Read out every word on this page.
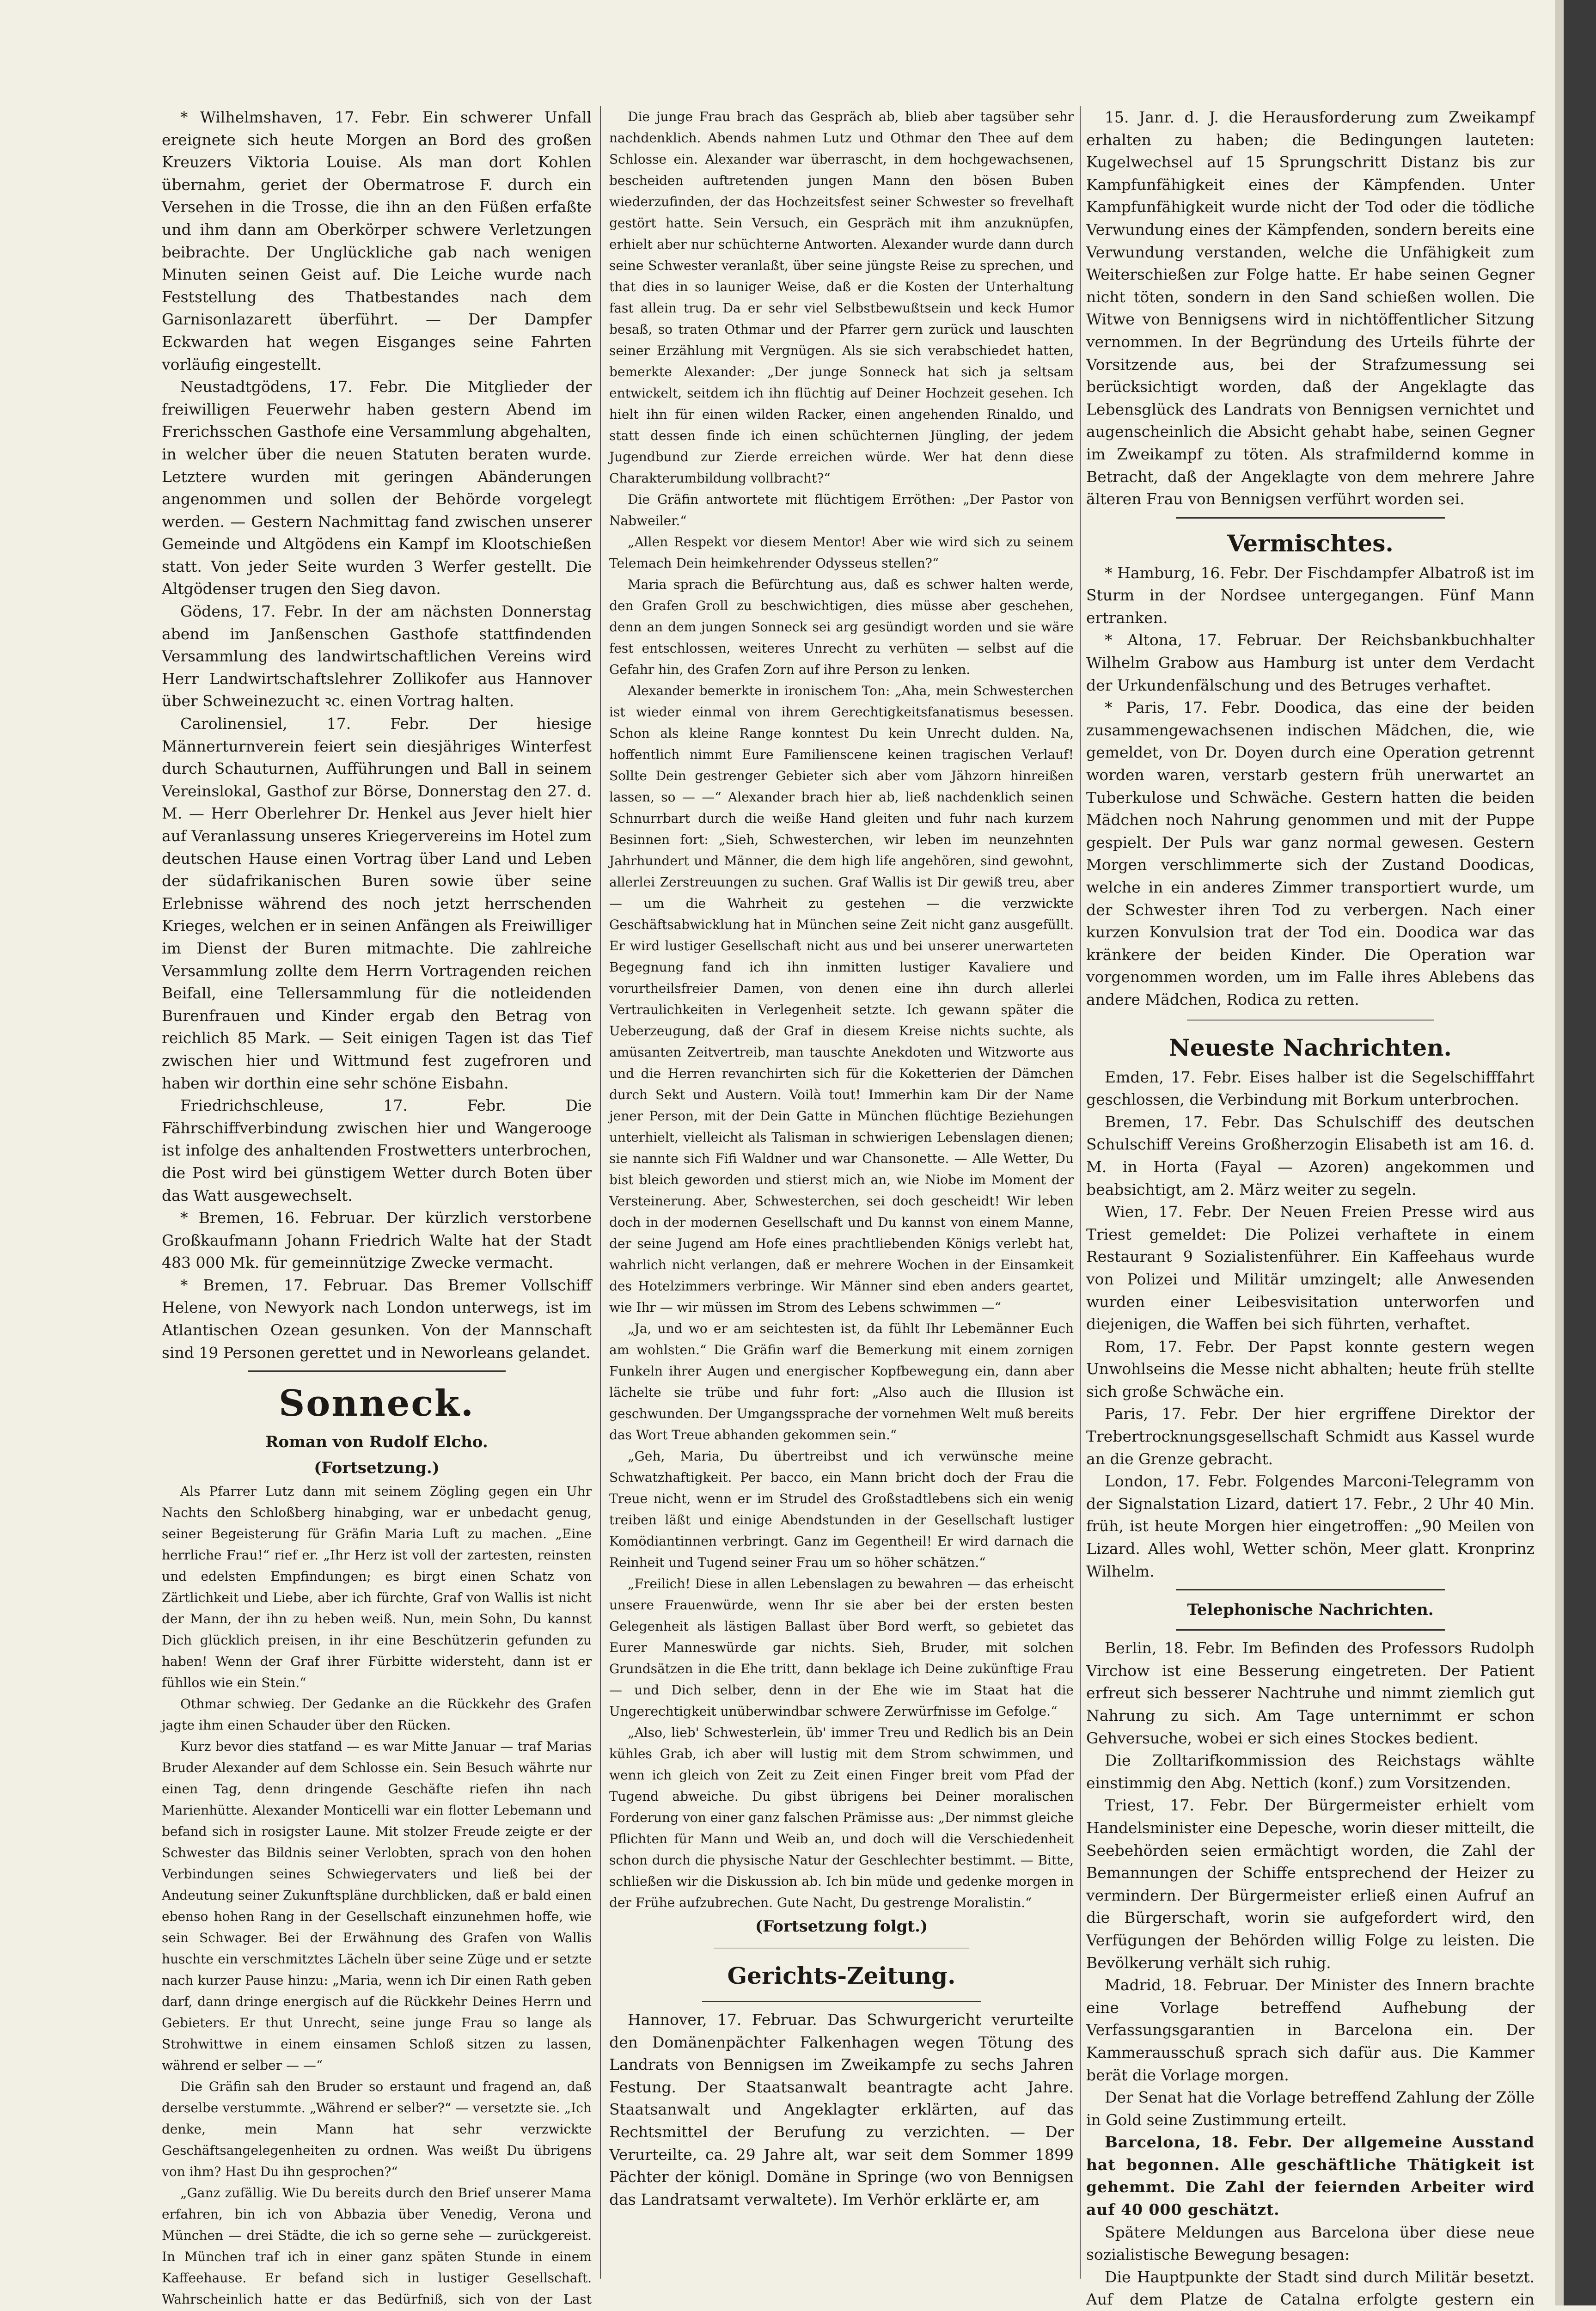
* Wilhelmshaven, 17. Febr. Ein schwerer Unfall ereignete sich heute Morgen an Bord des großen Kreuzers Viktoria Louise. Als man dort Kohlen übernahm, geriet der Obermatrose F. durch ein Versehen in die Trosse, die ihn an den Füßen erfaßte und ihm dann am Oberkörper schwere Verletzungen beibrachte. Der Unglückliche gab nach wenigen Minuten seinen Geist auf. Die Leiche wurde nach Feststellung des Thatbestandes nach dem Garnisonlazarett überführt. — Der Dampfer Eckwarden hat wegen Eisganges seine Fahrten vorläufig eingestellt.

Neustadtgödens, 17. Febr. Die Mitglieder der freiwilligen Feuerwehr haben gestern Abend im Frerichsschen Gasthofe eine Versammlung abgehalten, in welcher über die neuen Statuten beraten wurde. Letztere wurden mit geringen Abänderungen angenommen und sollen der Behörde vorgelegt werden. — Gestern Nachmittag fand zwischen unserer Gemeinde und Altgödens ein Kampf im Klootschießen statt. Von jeder Seite wurden 3 Werfer gestellt. Die Altgödenser trugen den Sieg davon.

Gödens, 17. Febr. In der am nächsten Donnerstag abend im Janßenschen Gasthofe stattfindenden Versammlung des landwirtschaftlichen Vereins wird Herr Landwirtschaftslehrer Zollikofer aus Hannover über Schweinezucht ꝛc. einen Vortrag halten.

Carolinensiel, 17. Febr. Der hiesige Männerturnverein feiert sein diesjähriges Winterfest durch Schauturnen, Aufführungen und Ball in seinem Vereinslokal, Gasthof zur Börse, Donnerstag den 27. d. M. — Herr Oberlehrer Dr. Henkel aus Jever hielt hier auf Veranlassung unseres Kriegervereins im Hotel zum deutschen Hause einen Vortrag über Land und Leben der südafrikanischen Buren sowie über seine Erlebnisse während des noch jetzt herrschenden Krieges, welchen er in seinen Anfängen als Freiwilliger im Dienst der Buren mitmachte. Die zahlreiche Versammlung zollte dem Herrn Vortragenden reichen Beifall, eine Tellersammlung für die notleidenden Burenfrauen und Kinder ergab den Betrag von reichlich 85 Mark. — Seit einigen Tagen ist das Tief zwischen hier und Wittmund fest zugefroren und haben wir dorthin eine sehr schöne Eisbahn.

Friedrichschleuse, 17. Febr. Die Fährschiffverbindung zwischen hier und Wangerooge ist infolge des anhaltenden Frostwetters unterbrochen, die Post wird bei günstigem Wetter durch Boten über das Watt ausgewechselt.

* Bremen, 16. Februar. Der kürzlich verstorbene Großkaufmann Johann Friedrich Walte hat der Stadt 483 000 Mk. für gemeinnützige Zwecke vermacht.

* Bremen, 17. Februar. Das Bremer Vollschiff Helene, von Newyork nach London unterwegs, ist im Atlantischen Ozean gesunken. Von der Mannschaft sind 19 Personen gerettet und in Neworleans gelandet.

Sonneck.
Roman von Rudolf Elcho.
(Fortsetzung.)

Als Pfarrer Lutz dann mit seinem Zögling gegen ein Uhr Nachts den Schloßberg hinabging, war er unbedacht genug, seiner Begeisterung für Gräfin Maria Luft zu machen. „Eine herrliche Frau!“ rief er. „Ihr Herz ist voll der zartesten, reinsten und edelsten Empfindungen; es birgt einen Schatz von Zärtlichkeit und Liebe, aber ich fürchte, Graf von Wallis ist nicht der Mann, der ihn zu heben weiß. Nun, mein Sohn, Du kannst Dich glücklich preisen, in ihr eine Beschützerin gefunden zu haben! Wenn der Graf ihrer Fürbitte widersteht, dann ist er fühllos wie ein Stein.“

Othmar schwieg. Der Gedanke an die Rückkehr des Grafen jagte ihm einen Schauder über den Rücken.

Kurz bevor dies statfand — es war Mitte Januar — traf Marias Bruder Alexander auf dem Schlosse ein. Sein Besuch währte nur einen Tag, denn dringende Geschäfte riefen ihn nach Marienhütte. Alexander Monticelli war ein flotter Lebemann und befand sich in rosigster Laune. Mit stolzer Freude zeigte er der Schwester das Bildnis seiner Verlobten, sprach von den hohen Verbindungen seines Schwiegervaters und ließ bei der Andeutung seiner Zukunftspläne durchblicken, daß er bald einen ebenso hohen Rang in der Gesellschaft einzunehmen hoffe, wie sein Schwager. Bei der Erwähnung des Grafen von Wallis huschte ein verschmitztes Lächeln über seine Züge und er setzte nach kurzer Pause hinzu: „Maria, wenn ich Dir einen Rath geben darf, dann dringe energisch auf die Rückkehr Deines Herrn und Gebieters. Er thut Unrecht, seine junge Frau so lange als Strohwittwe in einem einsamen Schloß sitzen zu lassen, während er selber — —“

Die Gräfin sah den Bruder so erstaunt und fragend an, daß derselbe verstummte. „Während er selber?“ — versetzte sie. „Ich denke, mein Mann hat sehr verzwickte Geschäftsangelegenheiten zu ordnen. Was weißt Du übrigens von ihm? Hast Du ihn gesprochen?“

„Ganz zufällig. Wie Du bereits durch den Brief unserer Mama erfahren, bin ich von Abbazia über Venedig, Verona und München — drei Städte, die ich so gerne sehe — zurückgereist. In München traf ich in einer ganz späten Stunde in einem Kaffeehause. Er befand sich in lustiger Gesellschaft. Wahrscheinlich hatte er das Bedürfniß, sich von der Last

Die junge Frau brach das Gespräch ab, blieb aber tagsüber sehr nachdenklich. Abends nahmen Lutz und Othmar den Thee auf dem Schlosse ein. Alexander war überrascht, in dem hochgewachsenen, bescheiden auftretenden jungen Mann den bösen Buben wiederzufinden, der das Hochzeitsfest seiner Schwester so frevelhaft gestört hatte. Sein Versuch, ein Gespräch mit ihm anzuknüpfen, erhielt aber nur schüchterne Antworten. Alexander wurde dann durch seine Schwester veranlaßt, über seine jüngste Reise zu sprechen, und that dies in so launiger Weise, daß er die Kosten der Unterhaltung fast allein trug. Da er sehr viel Selbstbewußtsein und keck Humor besaß, so traten Othmar und der Pfarrer gern zurück und lauschten seiner Erzählung mit Vergnügen. Als sie sich verabschiedet hatten, bemerkte Alexander: „Der junge Sonneck hat sich ja seltsam entwickelt, seitdem ich ihn flüchtig auf Deiner Hochzeit gesehen. Ich hielt ihn für einen wilden Racker, einen angehenden Rinaldo, und statt dessen finde ich einen schüchternen Jüngling, der jedem Jugendbund zur Zierde erreichen würde. Wer hat denn diese Charakterumbildung vollbracht?“

Die Gräfin antwortete mit flüchtigem Erröthen: „Der Pastor von Nabweiler.“

„Allen Respekt vor diesem Mentor! Aber wie wird sich zu seinem Telemach Dein heimkehrender Odysseus stellen?“

Maria sprach die Befürchtung aus, daß es schwer halten werde, den Grafen Groll zu beschwichtigen, dies müsse aber geschehen, denn an dem jungen Sonneck sei arg gesündigt worden und sie wäre fest entschlossen, weiteres Unrecht zu verhüten — selbst auf die Gefahr hin, des Grafen Zorn auf ihre Person zu lenken.

Alexander bemerkte in ironischem Ton: „Aha, mein Schwesterchen ist wieder einmal von ihrem Gerechtigkeitsfanatismus besessen. Schon als kleine Range konntest Du kein Unrecht dulden. Na, hoffentlich nimmt Eure Familienscene keinen tragischen Verlauf! Sollte Dein gestrenger Gebieter sich aber vom Jähzorn hinreißen lassen, so — —“ Alexander brach hier ab, ließ nachdenklich seinen Schnurrbart durch die weiße Hand gleiten und fuhr nach kurzem Besinnen fort: „Sieh, Schwesterchen, wir leben im neunzehnten Jahrhundert und Männer, die dem high life angehören, sind gewohnt, allerlei Zerstreuungen zu suchen. Graf Wallis ist Dir gewiß treu, aber — um die Wahrheit zu gestehen — die verzwickte Geschäftsabwicklung hat in München seine Zeit nicht ganz ausgefüllt. Er wird lustiger Gesellschaft nicht aus und bei unserer unerwarteten Begegnung fand ich ihn inmitten lustiger Kavaliere und vorurtheilsfreier Damen, von denen eine ihn durch allerlei Vertraulichkeiten in Verlegenheit setzte. Ich gewann später die Ueberzeugung, daß der Graf in diesem Kreise nichts suchte, als amüsanten Zeitvertreib, man tauschte Anekdoten und Witzworte aus und die Herren revanchirten sich für die Koketterien der Dämchen durch Sekt und Austern. Voilà tout! Immerhin kam Dir der Name jener Person, mit der Dein Gatte in München flüchtige Beziehungen unterhielt, vielleicht als Talisman in schwierigen Lebenslagen dienen; sie nannte sich Fifi Waldner und war Chansonette. — Alle Wetter, Du bist bleich geworden und stierst mich an, wie Niobe im Moment der Versteinerung. Aber, Schwesterchen, sei doch gescheidt! Wir leben doch in der modernen Gesellschaft und Du kannst von einem Manne, der seine Jugend am Hofe eines prachtliebenden Königs verlebt hat, wahrlich nicht verlangen, daß er mehrere Wochen in der Einsamkeit des Hotelzimmers verbringe. Wir Männer sind eben anders geartet, wie Ihr — wir müssen im Strom des Lebens schwimmen —“

„Ja, und wo er am seichtesten ist, da fühlt Ihr Lebemänner Euch am wohlsten.“ Die Gräfin warf die Bemerkung mit einem zornigen Funkeln ihrer Augen und energischer Kopfbewegung ein, dann aber lächelte sie trübe und fuhr fort: „Also auch die Illusion ist geschwunden. Der Umgangssprache der vornehmen Welt muß bereits das Wort Treue abhanden gekommen sein.“

„Geh, Maria, Du übertreibst und ich verwünsche meine Schwatzhaftigkeit. Per bacco, ein Mann bricht doch der Frau die Treue nicht, wenn er im Strudel des Großstadtlebens sich ein wenig treiben läßt und einige Abendstunden in der Gesellschaft lustiger Komödiantinnen verbringt. Ganz im Gegentheil! Er wird darnach die Reinheit und Tugend seiner Frau um so höher schätzen.“

„Freilich! Diese in allen Lebenslagen zu bewahren — das erheischt unsere Frauenwürde, wenn Ihr sie aber bei der ersten besten Gelegenheit als lästigen Ballast über Bord werft, so gebietet das Eurer Manneswürde gar nichts. Sieh, Bruder, mit solchen Grundsätzen in die Ehe tritt, dann beklage ich Deine zukünftige Frau — und Dich selber, denn in der Ehe wie im Staat hat die Ungerechtigkeit unüberwindbar schwere Zerwürfnisse im Gefolge.“

„Also, lieb' Schwesterlein, üb' immer Treu und Redlich bis an Dein kühles Grab, ich aber will lustig mit dem Strom schwimmen, und wenn ich gleich von Zeit zu Zeit einen Finger breit vom Pfad der Tugend abweiche. Du gibst übrigens bei Deiner moralischen Forderung von einer ganz falschen Prämisse aus: „Der nimmst gleiche Pflichten für Mann und Weib an, und doch will die Verschiedenheit schon durch die physische Natur der Geschlechter bestimmt. — Bitte, schließen wir die Diskussion ab. Ich bin müde und gedenke morgen in der Frühe aufzubrechen. Gute Nacht, Du gestrenge Moralistin.“

(Fortsetzung folgt.)
Gerichts-Zeitung.

Hannover, 17. Februar. Das Schwurgericht verurteilte den Domänenpächter Falkenhagen wegen Tötung des Landrats von Bennigsen im Zweikampfe zu sechs Jahren Festung. Der Staatsanwalt beantragte acht Jahre. Staatsanwalt und Angeklagter erklärten, auf das Rechtsmittel der Berufung zu verzichten. — Der Verurteilte, ca. 29 Jahre alt, war seit dem Sommer 1899 Pächter der königl. Domäne in Springe (wo von Bennigsen das Landratsamt verwaltete). Im Verhör erklärte er, am

15. Janr. d. J. die Herausforderung zum Zweikampf erhalten zu haben; die Bedingungen lauteten: Kugelwechsel auf 15 Sprungschritt Distanz bis zur Kampfunfähigkeit eines der Kämpfenden. Unter Kampfunfähigkeit wurde nicht der Tod oder die tödliche Verwundung eines der Kämpfenden, sondern bereits eine Verwundung verstanden, welche die Unfähigkeit zum Weiterschießen zur Folge hatte. Er habe seinen Gegner nicht töten, sondern in den Sand schießen wollen. Die Witwe von Bennigsens wird in nichtöffentlicher Sitzung vernommen. In der Begründung des Urteils führte der Vorsitzende aus, bei der Strafzumessung sei berücksichtigt worden, daß der Angeklagte das Lebensglück des Landrats von Bennigsen vernichtet und augenscheinlich die Absicht gehabt habe, seinen Gegner im Zweikampf zu töten. Als strafmildernd komme in Betracht, daß der Angeklagte von dem mehrere Jahre älteren Frau von Bennigsen verführt worden sei.

Vermischtes.

* Hamburg, 16. Febr. Der Fischdampfer Albatroß ist im Sturm in der Nordsee untergegangen. Fünf Mann ertranken.

* Altona, 17. Februar. Der Reichsbankbuchhalter Wilhelm Grabow aus Hamburg ist unter dem Verdacht der Urkundenfälschung und des Betruges verhaftet.

* Paris, 17. Febr. Doodica, das eine der beiden zusammengewachsenen indischen Mädchen, die, wie gemeldet, von Dr. Doyen durch eine Operation getrennt worden waren, verstarb gestern früh unerwartet an Tuberkulose und Schwäche. Gestern hatten die beiden Mädchen noch Nahrung genommen und mit der Puppe gespielt. Der Puls war ganz normal gewesen. Gestern Morgen verschlimmerte sich der Zustand Doodicas, welche in ein anderes Zimmer transportiert wurde, um der Schwester ihren Tod zu verbergen. Nach einer kurzen Konvulsion trat der Tod ein. Doodica war das kränkere der beiden Kinder. Die Operation war vorgenommen worden, um im Falle ihres Ablebens das andere Mädchen, Rodica zu retten.

Neueste Nachrichten.

Emden, 17. Febr. Eises halber ist die Segelschifffahrt geschlossen, die Verbindung mit Borkum unterbrochen.

Bremen, 17. Febr. Das Schulschiff des deutschen Schulschiff Vereins Großherzogin Elisabeth ist am 16. d. M. in Horta (Fayal — Azoren) angekommen und beabsichtigt, am 2. März weiter zu segeln.

Wien, 17. Febr. Der Neuen Freien Presse wird aus Triest gemeldet: Die Polizei verhaftete in einem Restaurant 9 Sozialistenführer. Ein Kaffeehaus wurde von Polizei und Militär umzingelt; alle Anwesenden wurden einer Leibesvisitation unterworfen und diejenigen, die Waffen bei sich führten, verhaftet.

Rom, 17. Febr. Der Papst konnte gestern wegen Unwohlseins die Messe nicht abhalten; heute früh stellte sich große Schwäche ein.

Paris, 17. Febr. Der hier ergriffene Direktor der Trebertrocknungsgesellschaft Schmidt aus Kassel wurde an die Grenze gebracht.

London, 17. Febr. Folgendes Marconi-Telegramm von der Signalstation Lizard, datiert 17. Febr., 2 Uhr 40 Min. früh, ist heute Morgen hier eingetroffen: „90 Meilen von Lizard. Alles wohl, Wetter schön, Meer glatt. Kronprinz Wilhelm.

Telephonische Nachrichten.

Berlin, 18. Febr. Im Befinden des Professors Rudolph Virchow ist eine Besserung eingetreten. Der Patient erfreut sich besserer Nachtruhe und nimmt ziemlich gut Nahrung zu sich. Am Tage unternimmt er schon Gehversuche, wobei er sich eines Stockes bedient.

Die Zolltarifkommission des Reichstags wählte einstimmig den Abg. Nettich (konf.) zum Vorsitzenden.

Triest, 17. Febr. Der Bürgermeister erhielt vom Handelsminister eine Depesche, worin dieser mitteilt, die Seebehörden seien ermächtigt worden, die Zahl der Bemannungen der Schiffe entsprechend der Heizer zu vermindern. Der Bürgermeister erließ einen Aufruf an die Bürgerschaft, worin sie aufgefordert wird, den Verfügungen der Behörden willig Folge zu leisten. Die Bevölkerung verhält sich ruhig.

Madrid, 18. Februar. Der Minister des Innern brachte eine Vorlage betreffend Aufhebung der Verfassungsgarantien in Barcelona ein. Der Kammerausschuß sprach sich dafür aus. Die Kammer berät die Vorlage morgen.

Der Senat hat die Vorlage betreffend Zahlung der Zölle in Gold seine Zustimmung erteilt.

Barcelona, 18. Febr. Der allgemeine Ausstand hat begonnen. Alle geschäftliche Thätigkeit ist gehemmt. Die Zahl der feiernden Arbeiter wird auf 40 000 geschätzt.

Spätere Meldungen aus Barcelona über diese neue sozialistische Bewegung besagen:

Die Hauptpunkte der Stadt sind durch Militär besetzt. Auf dem Platze de Catalna erfolgte gestern ein
